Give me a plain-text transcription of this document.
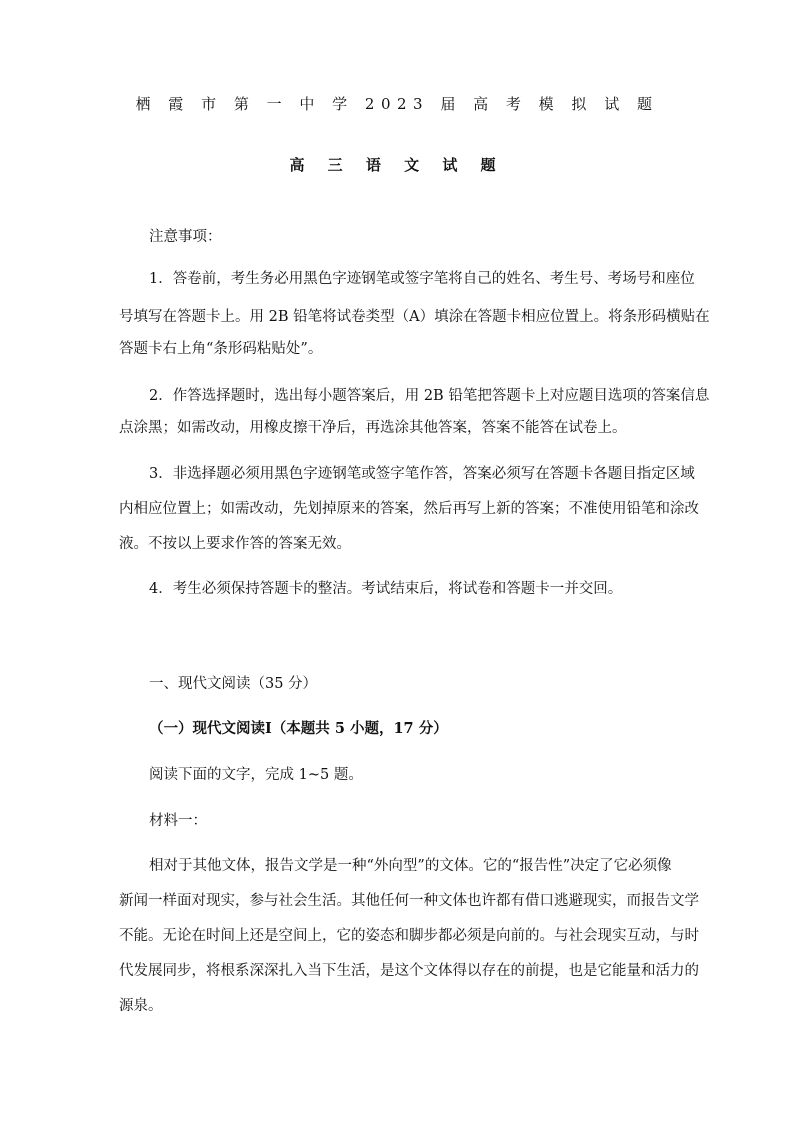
栖 霞 市 第 一 中 学 2023 届 高 考 模 拟 试 题
高 三 语 文 试 题
注意事项：
1．答卷前，考生务必用黑色字迹钢笔或签字笔将自己的姓名、考生号、考场号和座位
号填写在答题卡上。用 2B 铅笔将试卷类型（A）填涂在答题卡相应位置上。将条形码横贴在
答题卡右上角“条形码粘贴处”。
2．作答选择题时，选出每小题答案后，用 2B 铅笔把答题卡上对应题目选项的答案信息
点涂黑；如需改动，用橡皮擦干净后，再选涂其他答案，答案不能答在试卷上。
3．非选择题必须用黑色字迹钢笔或签字笔作答，答案必须写在答题卡各题目指定区域
内相应位置上；如需改动，先划掉原来的答案，然后再写上新的答案；不准使用铅笔和涂改
液。不按以上要求作答的答案无效。
4．考生必须保持答题卡的整洁。考试结束后，将试卷和答题卡一并交回。
一、现代文阅读（35 分）
（一）现代文阅读Ⅰ（本题共 5 小题，17 分）
阅读下面的文字，完成 1~5 题。
材料一：
相对于其他文体，报告文学是一种“外向型”的文体。它的“报告性”决定了它必须像
新闻一样面对现实，参与社会生活。其他任何一种文体也许都有借口逃避现实，而报告文学
不能。无论在时间上还是空间上，它的姿态和脚步都必须是向前的。与社会现实互动，与时
代发展同步，将根系深深扎入当下生活，是这个文体得以存在的前提，也是它能量和活力的
源泉。
